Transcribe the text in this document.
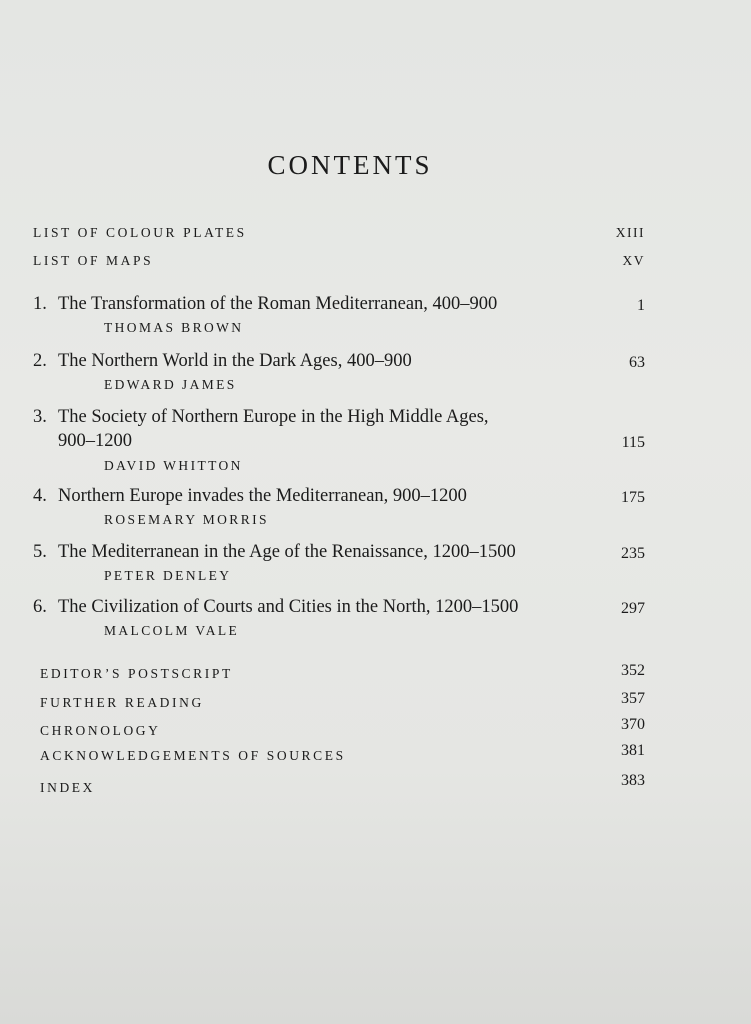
CONTENTS
LIST OF COLOUR PLATES	XIII
LIST OF MAPS	XV
1. The Transformation of the Roman Mediterranean, 400–900	1
THOMAS BROWN
2. The Northern World in the Dark Ages, 400–900	63
EDWARD JAMES
3. The Society of Northern Europe in the High Middle Ages,
900–1200	115
DAVID WHITTON
4. Northern Europe invades the Mediterranean, 900–1200	175
ROSEMARY MORRIS
5. The Mediterranean in the Age of the Renaissance, 1200–1500	235
PETER DENLEY
6. The Civilization of Courts and Cities in the North, 1200–1500	297
MALCOLM VALE
EDITOR’S POSTSCRIPT	352
FURTHER READING	357
CHRONOLOGY	370
ACKNOWLEDGEMENTS OF SOURCES	381
INDEX	383
